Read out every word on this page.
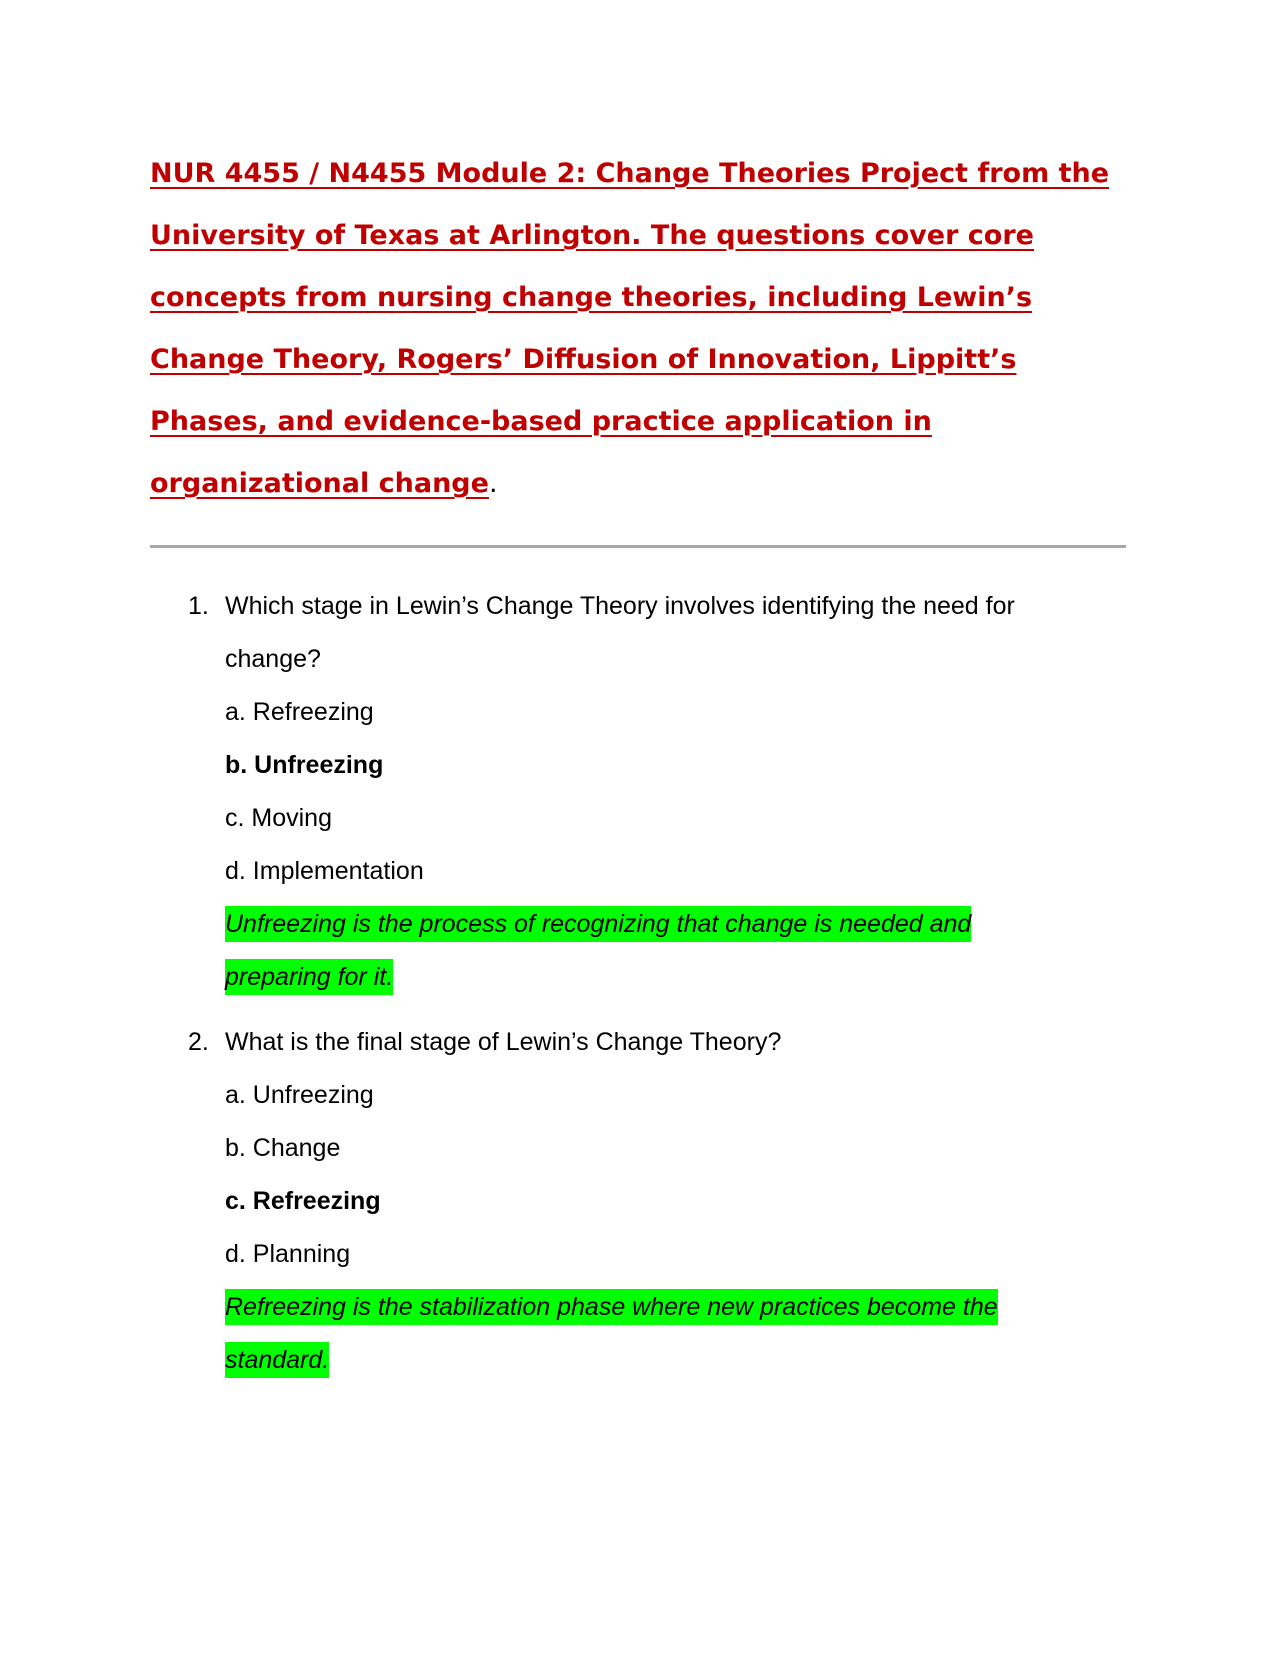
NUR 4455 / N4455 Module 2: Change Theories Project from the University of Texas at Arlington. The questions cover core concepts from nursing change theories, including Lewin’s Change Theory, Rogers’ Diffusion of Innovation, Lippitt’s Phases, and evidence-based practice application in organizational change.
1. Which stage in Lewin’s Change Theory involves identifying the need for change?
a. Refreezing
b. Unfreezing
c. Moving
d. Implementation
Unfreezing is the process of recognizing that change is needed and preparing for it.
2. What is the final stage of Lewin’s Change Theory?
a. Unfreezing
b. Change
c. Refreezing
d. Planning
Refreezing is the stabilization phase where new practices become the standard.
